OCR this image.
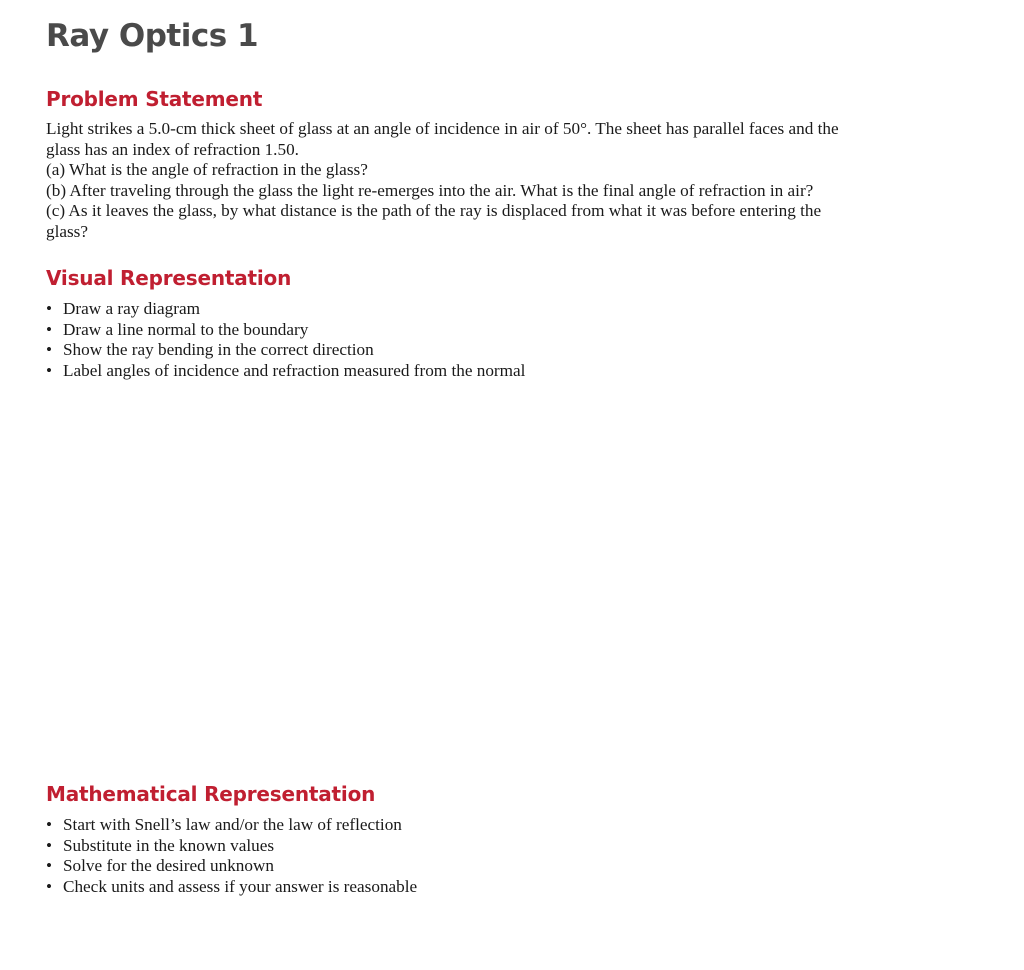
Ray Optics 1
Problem Statement
Light strikes a 5.0-cm thick sheet of glass at an angle of incidence in air of 50°. The sheet has parallel faces and the
glass has an index of refraction 1.50.
(a) What is the angle of refraction in the glass?
(b) After traveling through the glass the light re-emerges into the air. What is the final angle of refraction in air?
(c) As it leaves the glass, by what distance is the path of the ray is displaced from what it was before entering the
glass?
Visual Representation
• Draw a ray diagram
• Draw a line normal to the boundary
• Show the ray bending in the correct direction
• Label angles of incidence and refraction measured from the normal
Mathematical Representation
• Start with Snell’s law and/or the law of reflection
• Substitute in the known values
• Solve for the desired unknown
• Check units and assess if your answer is reasonable
